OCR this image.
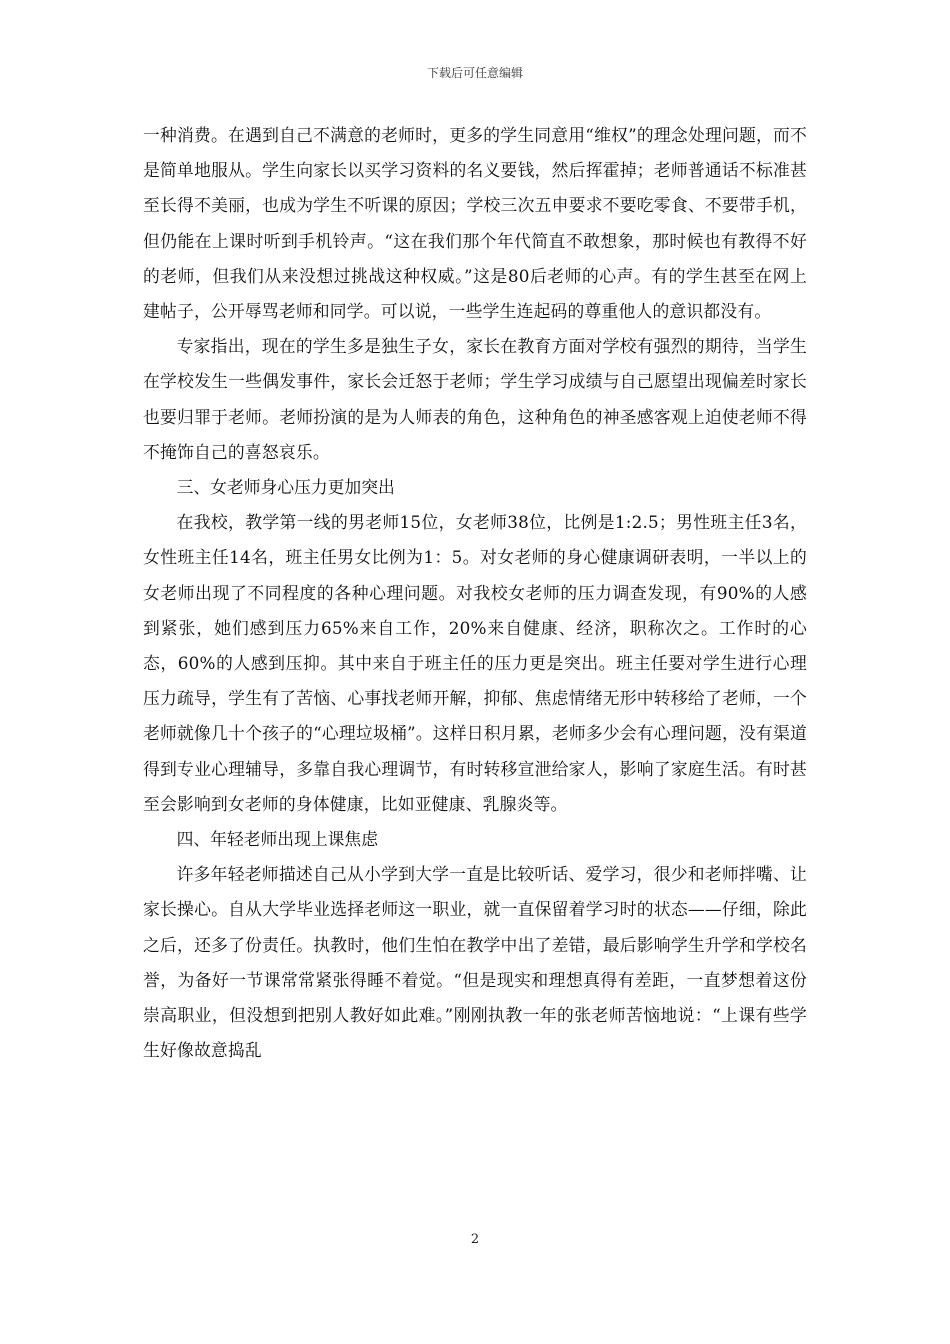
下载后可任意编辑

一种消费。在遇到自己不满意的老师时，更多的学生同意用“维权”的理念处理问题，而不是简单地服从。学生向家长以买学习资料的名义要钱，然后挥霍掉；老师普通话不标准甚至长得不美丽，也成为学生不听课的原因；学校三次五申要求不要吃零食、不要带手机，但仍能在上课时听到手机铃声。“这在我们那个年代简直不敢想象，那时候也有教得不好的老师，但我们从来没想过挑战这种权威。”这是80后老师的心声。有的学生甚至在网上建帖子，公开辱骂老师和同学。可以说，一些学生连起码的尊重他人的意识都没有。

专家指出，现在的学生多是独生子女，家长在教育方面对学校有强烈的期待，当学生在学校发生一些偶发事件，家长会迁怒于老师；学生学习成绩与自己愿望出现偏差时家长也要归罪于老师。老师扮演的是为人师表的角色，这种角色的神圣感客观上迫使老师不得不掩饰自己的喜怒哀乐。

三、女老师身心压力更加突出

在我校，教学第一线的男老师15位，女老师38位，比例是1:2.5；男性班主任3名，女性班主任14名，班主任男女比例为1：5。对女老师的身心健康调研表明，一半以上的女老师出现了不同程度的各种心理问题。对我校女老师的压力调查发现，有90%的人感到紧张，她们感到压力65%来自工作，20%来自健康、经济，职称次之。工作时的心态，60%的人感到压抑。其中来自于班主任的压力更是突出。班主任要对学生进行心理压力疏导，学生有了苦恼、心事找老师开解，抑郁、焦虑情绪无形中转移给了老师，一个老师就像几十个孩子的“心理垃圾桶”。这样日积月累，老师多少会有心理问题，没有渠道得到专业心理辅导，多靠自我心理调节，有时转移宣泄给家人，影响了家庭生活。有时甚至会影响到女老师的身体健康，比如亚健康、乳腺炎等。

四、年轻老师出现上课焦虑

许多年轻老师描述自己从小学到大学一直是比较听话、爱学习，很少和老师拌嘴、让家长操心。自从大学毕业选择老师这一职业，就一直保留着学习时的状态——仔细，除此之后，还多了份责任。执教时，他们生怕在教学中出了差错，最后影响学生升学和学校名誉，为备好一节课常常紧张得睡不着觉。“但是现实和理想真得有差距，一直梦想着这份崇高职业，但没想到把别人教好如此难。”刚刚执教一年的张老师苦恼地说：“上课有些学生好像故意捣乱

2
